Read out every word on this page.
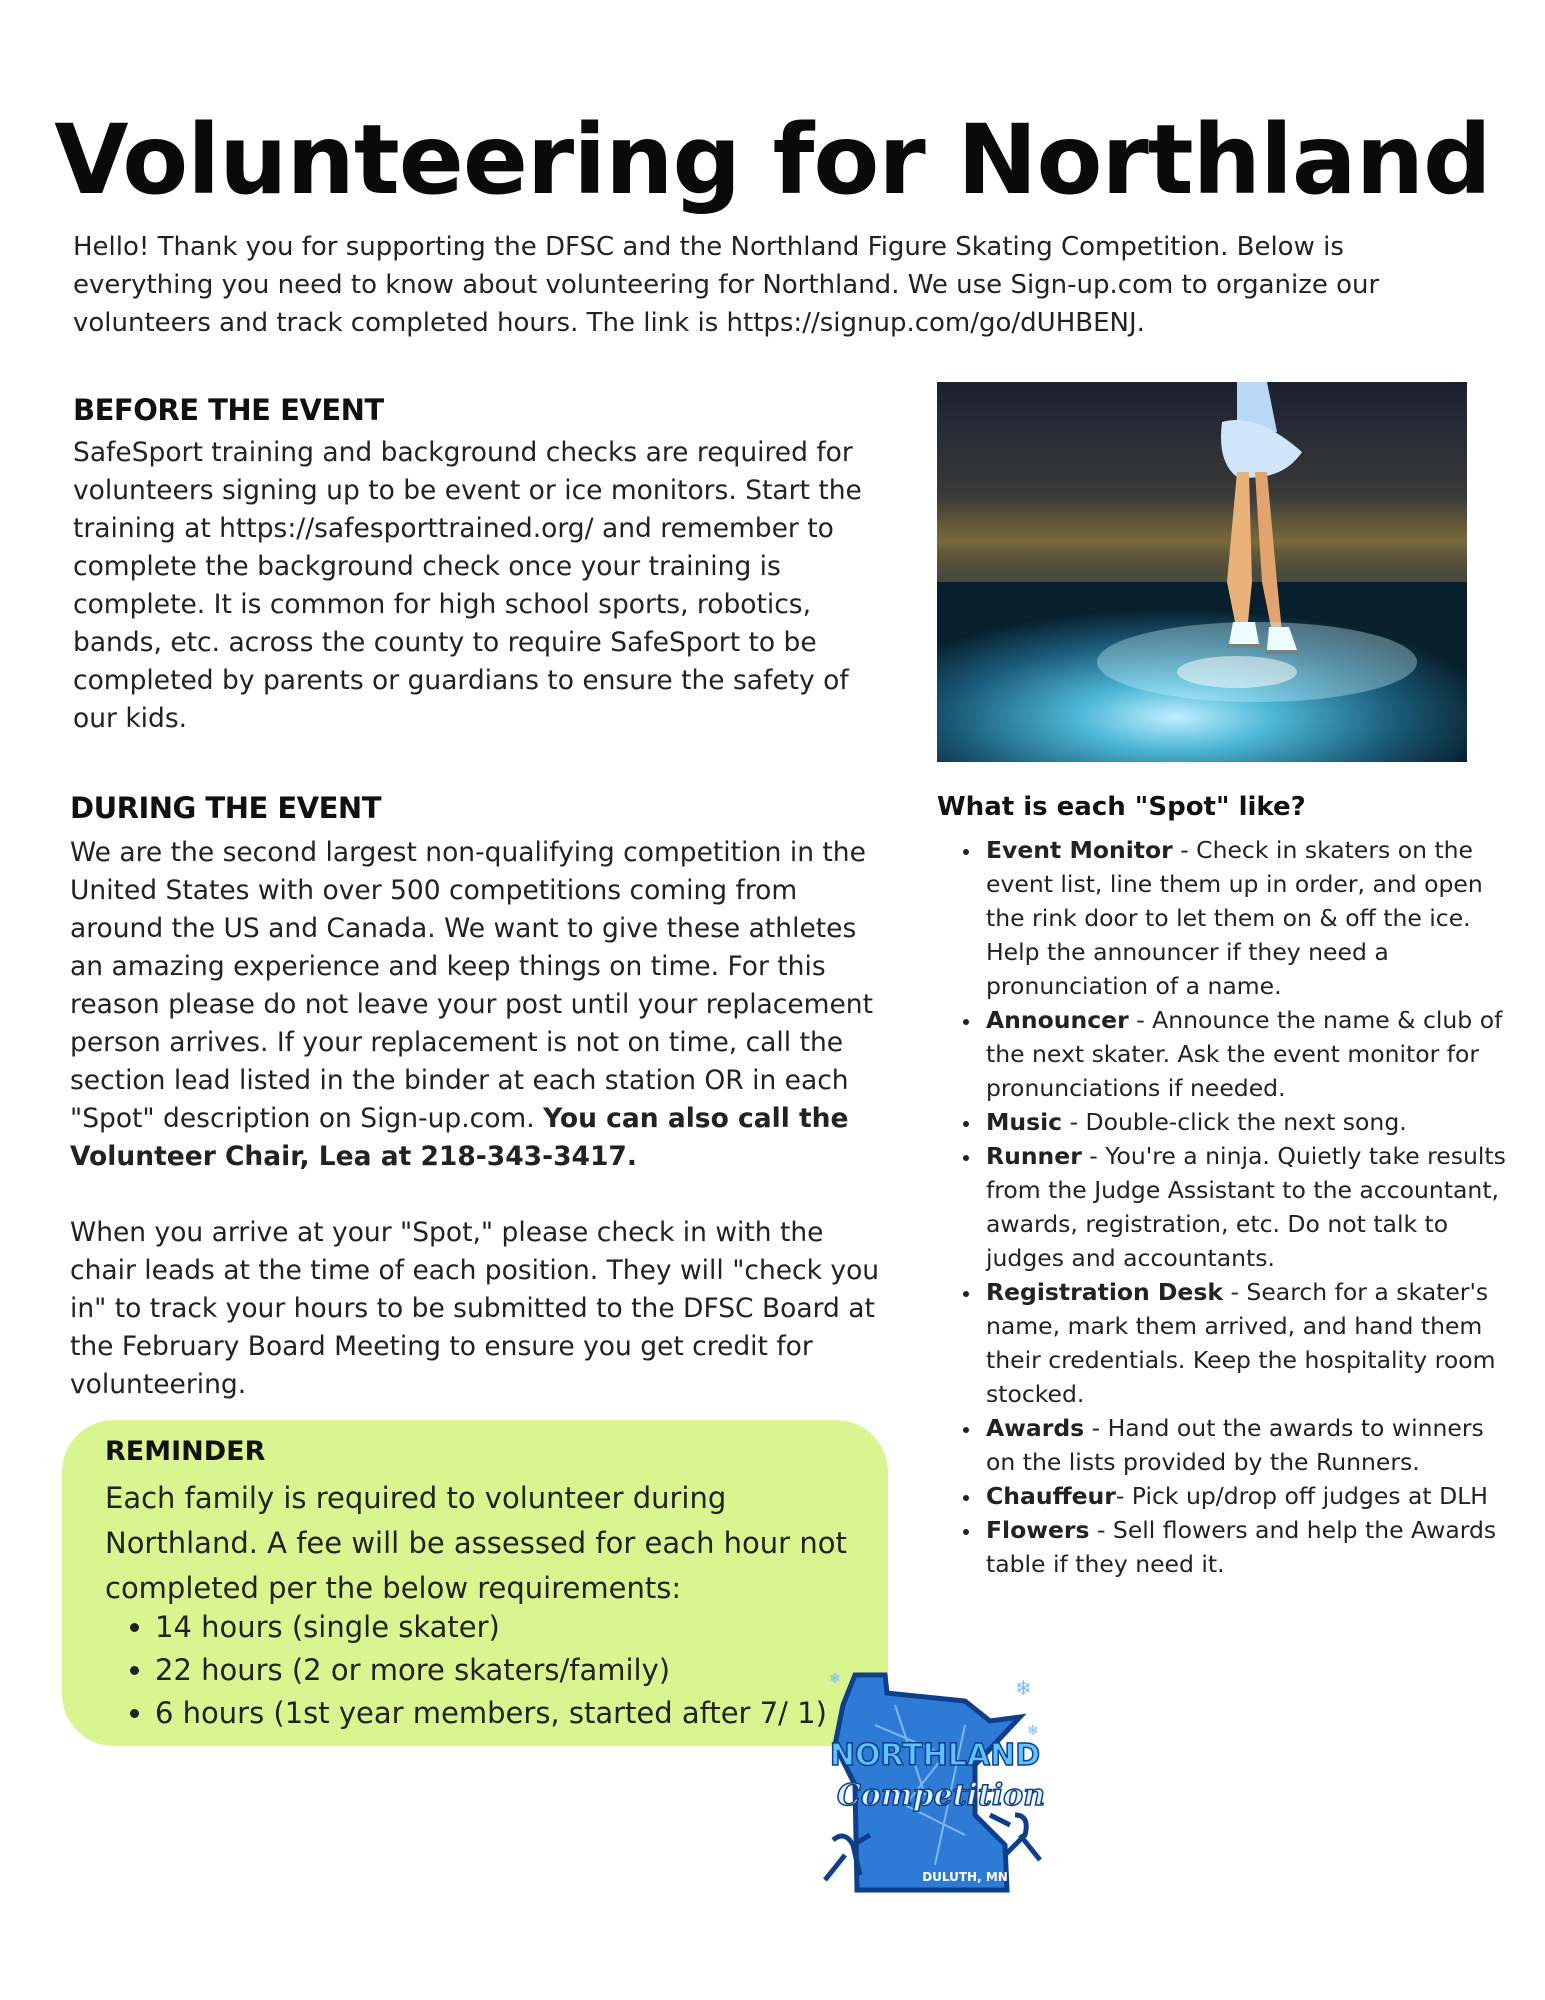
Volunteering for Northland
Hello! Thank you for supporting the DFSC and the Northland Figure Skating Competition. Below is everything you need to know about volunteering for Northland. We use Sign-up.com to organize our volunteers and track completed hours. The link is https://signup.com/go/dUHBENJ.
BEFORE THE EVENT
SafeSport training and background checks are required for volunteers signing up to be event or ice monitors. Start the training at https://safesporttrained.org/ and remember to complete the background check once your training is complete. It is common for high school sports, robotics, bands, etc. across the county to require SafeSport to be completed by parents or guardians to ensure the safety of our kids.
DURING THE EVENT
We are the second largest non-qualifying competition in the United States with over 500 competitions coming from around the US and Canada. We want to give these athletes an amazing experience and keep things on time. For this reason please do not leave your post until your replacement person arrives. If your replacement is not on time, call the section lead listed in the binder at each station OR in each "Spot" description on Sign-up.com. You can also call the Volunteer Chair, Lea at 218-343-3417.
When you arrive at your "Spot," please check in with the chair leads at the time of each position. They will "check you in" to track your hours to be submitted to the DFSC Board at the February Board Meeting to ensure you get credit for volunteering.
What is each "Spot" like?
• Event Monitor - Check in skaters on the event list, line them up in order, and open the rink door to let them on & off the ice. Help the announcer if they need a pronunciation of a name.
• Announcer - Announce the name & club of the next skater. Ask the event monitor for pronunciations if needed.
• Music - Double-click the next song.
• Runner - You're a ninja. Quietly take results from the Judge Assistant to the accountant, awards, registration, etc. Do not talk to judges and accountants.
• Registration Desk - Search for a skater's name, mark them arrived, and hand them their credentials. Keep the hospitality room stocked.
• Awards - Hand out the awards to winners on the lists provided by the Runners.
• Chauffeur- Pick up/drop off judges at DLH
• Flowers - Sell flowers and help the Awards table if they need it.
REMINDER
Each family is required to volunteer during Northland. A fee will be assessed for each hour not completed per the below requirements:
• 14 hours (single skater)
• 22 hours (2 or more skaters/family)
• 6 hours (1st year members, started after 7/ 1)
❄	❄
❄
NORTHLAND
Competition
DULUTH, MN
